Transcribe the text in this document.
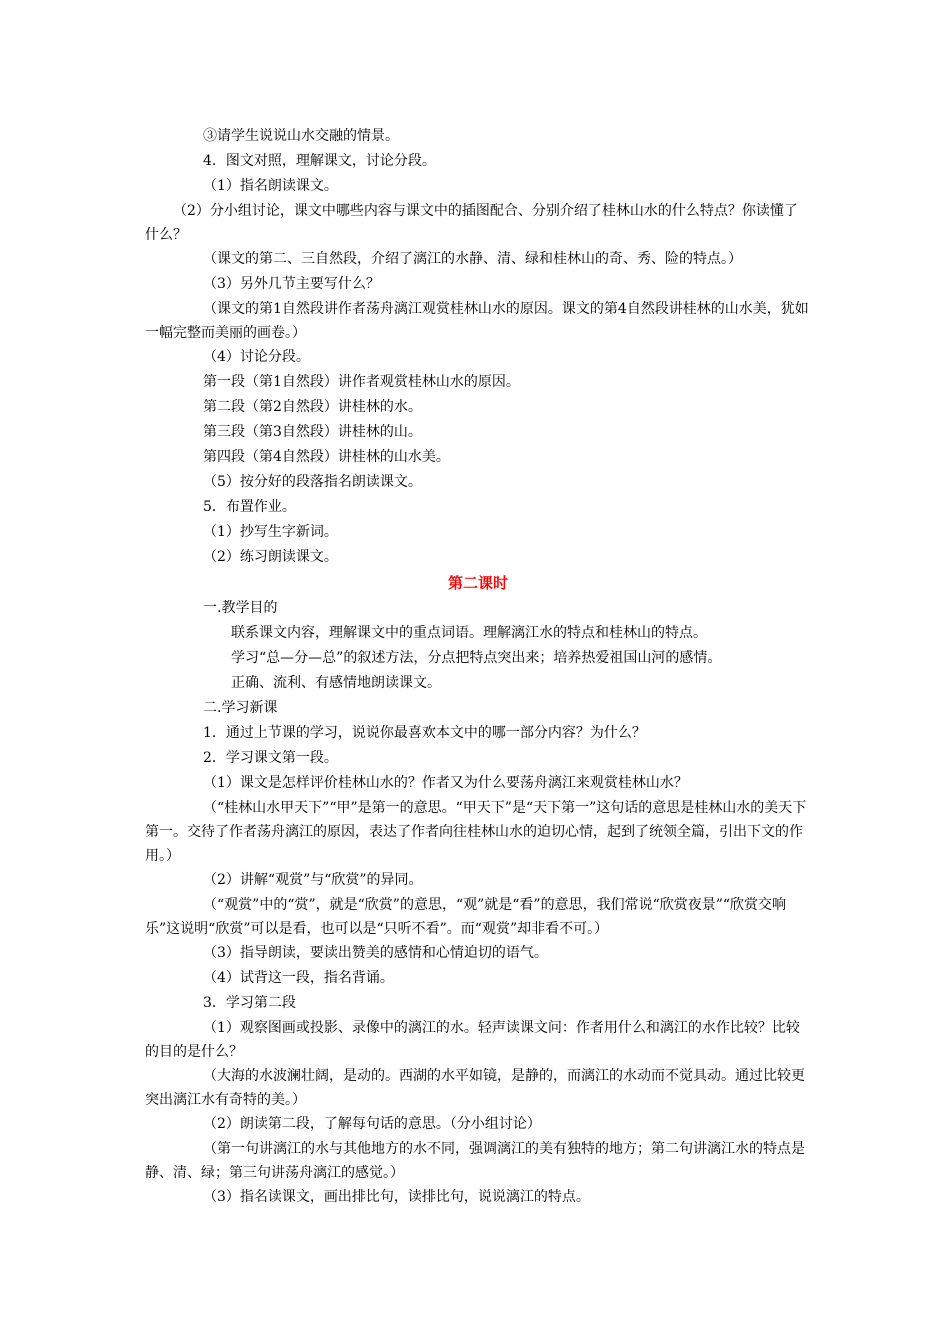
③请学生说说山水交融的情景。
4．图文对照，理解课文，讨论分段。
（1）指名朗读课文。
（2）分小组讨论，课文中哪些内容与课文中的插图配合、分别介绍了桂林山水的什么特点？你读懂了什么？
（课文的第二、三自然段，介绍了漓江的水静、清、绿和桂林山的奇、秀、险的特点。）
（3）另外几节主要写什么？
（课文的第1自然段讲作者荡舟漓江观赏桂林山水的原因。课文的第4自然段讲桂林的山水美，犹如一幅完整而美丽的画卷。）
（4）讨论分段。
第一段（第1自然段）讲作者观赏桂林山水的原因。
第二段（第2自然段）讲桂林的水。
第三段（第3自然段）讲桂林的山。
第四段（第4自然段）讲桂林的山水美。
（5）按分好的段落指名朗读课文。
5．布置作业。
（1）抄写生字新词。
（2）练习朗读课文。
第二课时
一.教学目的
联系课文内容，理解课文中的重点词语。理解漓江水的特点和桂林山的特点。
学习“总—分—总”的叙述方法，分点把特点突出来；培养热爱祖国山河的感情。
正确、流利、有感情地朗读课文。
二.学习新课
1．通过上节课的学习，说说你最喜欢本文中的哪一部分内容？为什么？
2．学习课文第一段。
（1）课文是怎样评价桂林山水的？作者又为什么要荡舟漓江来观赏桂林山水？
（“桂林山水甲天下”“甲”是第一的意思。“甲天下”是“天下第一”这句话的意思是桂林山水的美天下第一。交待了作者荡舟漓江的原因，表达了作者向往桂林山水的迫切心情，起到了统领全篇，引出下文的作用。）
（2）讲解“观赏”与“欣赏”的异同。
（“观赏”中的“赏”，就是“欣赏”的意思，“观”就是“看”的意思，我们常说“欣赏夜景”“欣赏交响乐”这说明“欣赏”可以是看，也可以是“只听不看”。而“观赏”却非看不可。）
（3）指导朗读，要读出赞美的感情和心情迫切的语气。
（4）试背这一段，指名背诵。
3．学习第二段
（1）观察图画或投影、录像中的漓江的水。轻声读课文问：作者用什么和漓江的水作比较？比较的目的是什么？
（大海的水波澜壮阔，是动的。西湖的水平如镜，是静的，而漓江的水动而不觉具动。通过比较更突出漓江水有奇特的美。）
（2）朗读第二段，了解每句话的意思。（分小组讨论）
（第一句讲漓江的水与其他地方的水不同，强调漓江的美有独特的地方；第二句讲漓江水的特点是静、清、绿；第三句讲荡舟漓江的感觉。）
（3）指名读课文，画出排比句，读排比句，说说漓江的特点。
